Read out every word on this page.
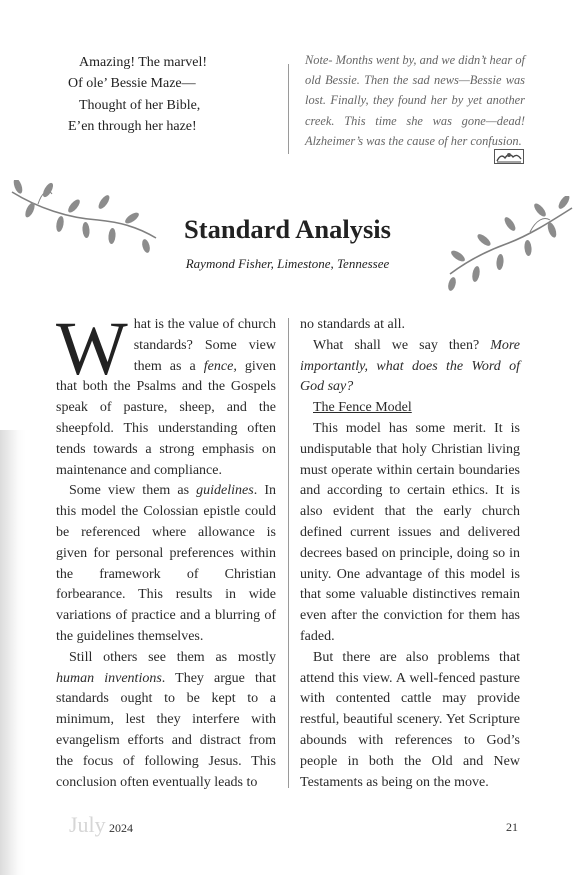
Amazing! The marvel!
Of ole’ Bessie Maze—
Thought of her Bible,
E’en through her haze!
Note- Months went by, and we didn’t hear of old Bessie. Then the sad news—Bessie was lost. Finally, they found her by yet another creek. This time she was gone—dead! Alzheimer’s was the cause of her confusion.
Standard Analysis
Raymond Fisher, Limestone, Tennessee

What is the value of church standards? Some view them as a fence, given that both the Psalms and the Gospels speak of pasture, sheep, and the sheepfold. This understanding often tends towards a strong emphasis on maintenance and compliance.

Some view them as guidelines. In this model the Colossian epistle could be referenced where allowance is given for personal preferences within the framework of Christian forbearance. This results in wide variations of practice and a blurring of the guidelines themselves.

Still others see them as mostly human inventions. They argue that standards ought to be kept to a minimum, lest they interfere with evangelism efforts and distract from the focus of following Jesus. This conclusion often eventually leads to

no standards at all.

What shall we say then? More importantly, what does the Word of God say?

The Fence Model

This model has some merit. It is undisputable that holy Christian living must operate within certain boundaries and according to certain ethics. It is also evident that the early church defined current issues and delivered decrees based on principle, doing so in unity. One advantage of this model is that some valuable distinctives remain even after the conviction for them has faded.

But there are also problems that attend this view. A well-fenced pasture with contented cattle may provide restful, beautiful scenery. Yet Scripture abounds with references to God’s people in both the Old and New Testaments as being on the move.

July 2024	21
